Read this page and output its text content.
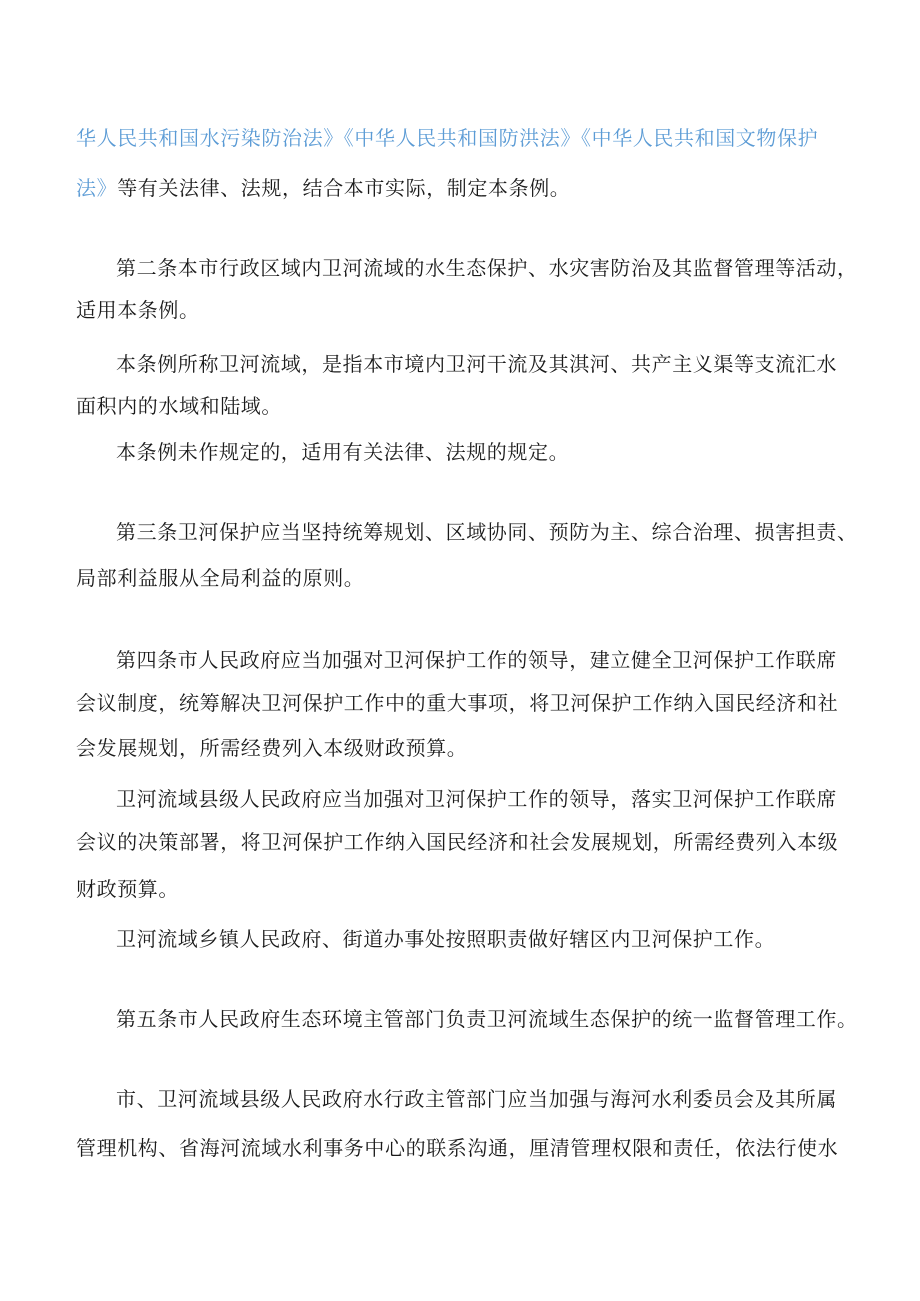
华人民共和国水污染防治法》《中华人民共和国防洪法》《中华人民共和国文物保护
法》等有关法律、法规，结合本市实际，制定本条例。
第二条本市行政区域内卫河流域的水生态保护、水灾害防治及其监督管理等活动，
适用本条例。
本条例所称卫河流域，是指本市境内卫河干流及其淇河、共产主义渠等支流汇水
面积内的水域和陆域。
本条例未作规定的，适用有关法律、法规的规定。
第三条卫河保护应当坚持统筹规划、区域协同、预防为主、综合治理、损害担责、
局部利益服从全局利益的原则。
第四条市人民政府应当加强对卫河保护工作的领导，建立健全卫河保护工作联席
会议制度，统筹解决卫河保护工作中的重大事项，将卫河保护工作纳入国民经济和社
会发展规划，所需经费列入本级财政预算。
卫河流域县级人民政府应当加强对卫河保护工作的领导，落实卫河保护工作联席
会议的决策部署，将卫河保护工作纳入国民经济和社会发展规划，所需经费列入本级
财政预算。
卫河流域乡镇人民政府、街道办事处按照职责做好辖区内卫河保护工作。
第五条市人民政府生态环境主管部门负责卫河流域生态保护的统一监督管理工作。
市、卫河流域县级人民政府水行政主管部门应当加强与海河水利委员会及其所属
管理机构、省海河流域水利事务中心的联系沟通，厘清管理权限和责任，依法行使水
